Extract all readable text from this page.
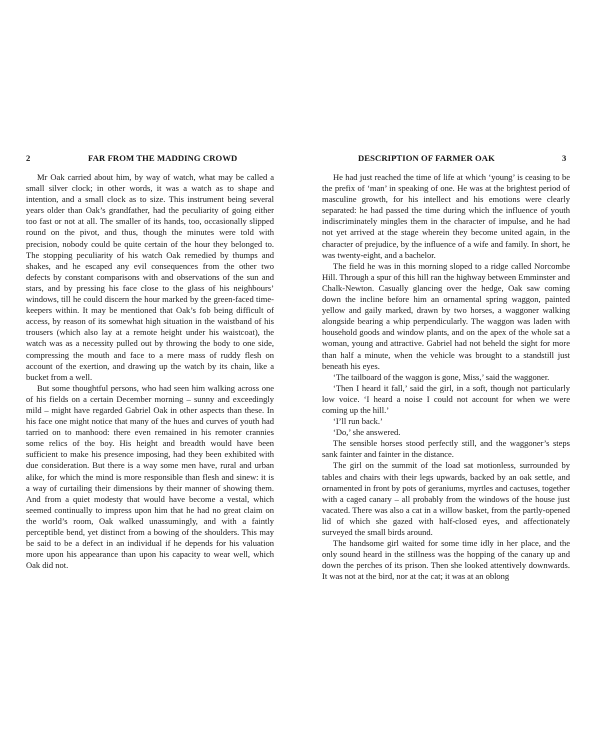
2	FAR FROM THE MADDING CROWD

Mr Oak carried about him, by way of watch, what may be called a small silver clock; in other words, it was a watch as to shape and intention, and a small clock as to size. This instrument being several years older than Oak’s grandfather, had the peculiarity of going either too fast or not at all. The smaller of its hands, too, occasionally slipped round on the pivot, and thus, though the minutes were told with precision, nobody could be quite certain of the hour they belonged to. The stopping peculiarity of his watch Oak remedied by thumps and shakes, and he escaped any evil consequences from the other two defects by constant comparisons with and observations of the sun and stars, and by pressing his face close to the glass of his neighbours’ windows, till he could discern the hour marked by the green-faced time-keepers within. It may be mentioned that Oak’s fob being difficult of access, by reason of its somewhat high situation in the waistband of his trousers (which also lay at a remote height under his waistcoat), the watch was as a necessity pulled out by throwing the body to one side, compressing the mouth and face to a mere mass of ruddy flesh on account of the exertion, and drawing up the watch by its chain, like a bucket from a well.

But some thoughtful persons, who had seen him walking across one of his fields on a certain December morning – sunny and exceedingly mild – might have regarded Gabriel Oak in other aspects than these. In his face one might notice that many of the hues and curves of youth had tarried on to manhood: there even remained in his remoter crannies some relics of the boy. His height and breadth would have been sufficient to make his presence imposing, had they been exhibited with due consideration. But there is a way some men have, rural and urban alike, for which the mind is more responsible than flesh and sinew: it is a way of curtailing their dimensions by their manner of showing them. And from a quiet modesty that would have become a vestal, which seemed continually to impress upon him that he had no great claim on the world’s room, Oak walked unassumingly, and with a faintly perceptible bend, yet distinct from a bowing of the shoulders. This may be said to be a defect in an individual if he depends for his valuation more upon his appearance than upon his capacity to wear well, which Oak did not.

DESCRIPTION OF FARMER OAK	3

He had just reached the time of life at which ‘young’ is ceasing to be the prefix of ‘man’ in speaking of one. He was at the brightest period of masculine growth, for his intellect and his emotions were clearly separated: he had passed the time during which the influence of youth indiscriminately mingles them in the character of impulse, and he had not yet arrived at the stage wherein they become united again, in the character of prejudice, by the influence of a wife and family. In short, he was twenty-eight, and a bachelor.

The field he was in this morning sloped to a ridge called Norcombe Hill. Through a spur of this hill ran the highway between Emminster and Chalk-Newton. Casually glancing over the hedge, Oak saw coming down the incline before him an ornamental spring waggon, painted yellow and gaily marked, drawn by two horses, a waggoner walking alongside bearing a whip perpendicularly. The waggon was laden with household goods and window plants, and on the apex of the whole sat a woman, young and attractive. Gabriel had not beheld the sight for more than half a minute, when the vehicle was brought to a standstill just beneath his eyes.

‘The tailboard of the waggon is gone, Miss,’ said the waggoner.

‘Then I heard it fall,’ said the girl, in a soft, though not particularly low voice. ‘I heard a noise I could not account for when we were coming up the hill.’

‘I’ll run back.’

‘Do,’ she answered.

The sensible horses stood perfectly still, and the waggoner’s steps sank fainter and fainter in the distance.

The girl on the summit of the load sat motionless, surrounded by tables and chairs with their legs upwards, backed by an oak settle, and ornamented in front by pots of geraniums, myrtles and cactuses, together with a caged canary – all probably from the windows of the house just vacated. There was also a cat in a willow basket, from the partly-opened lid of which she gazed with half-closed eyes, and affectionately surveyed the small birds around.

The handsome girl waited for some time idly in her place, and the only sound heard in the stillness was the hopping of the canary up and down the perches of its prison. Then she looked attentively downwards. It was not at the bird, nor at the cat; it was at an oblong
